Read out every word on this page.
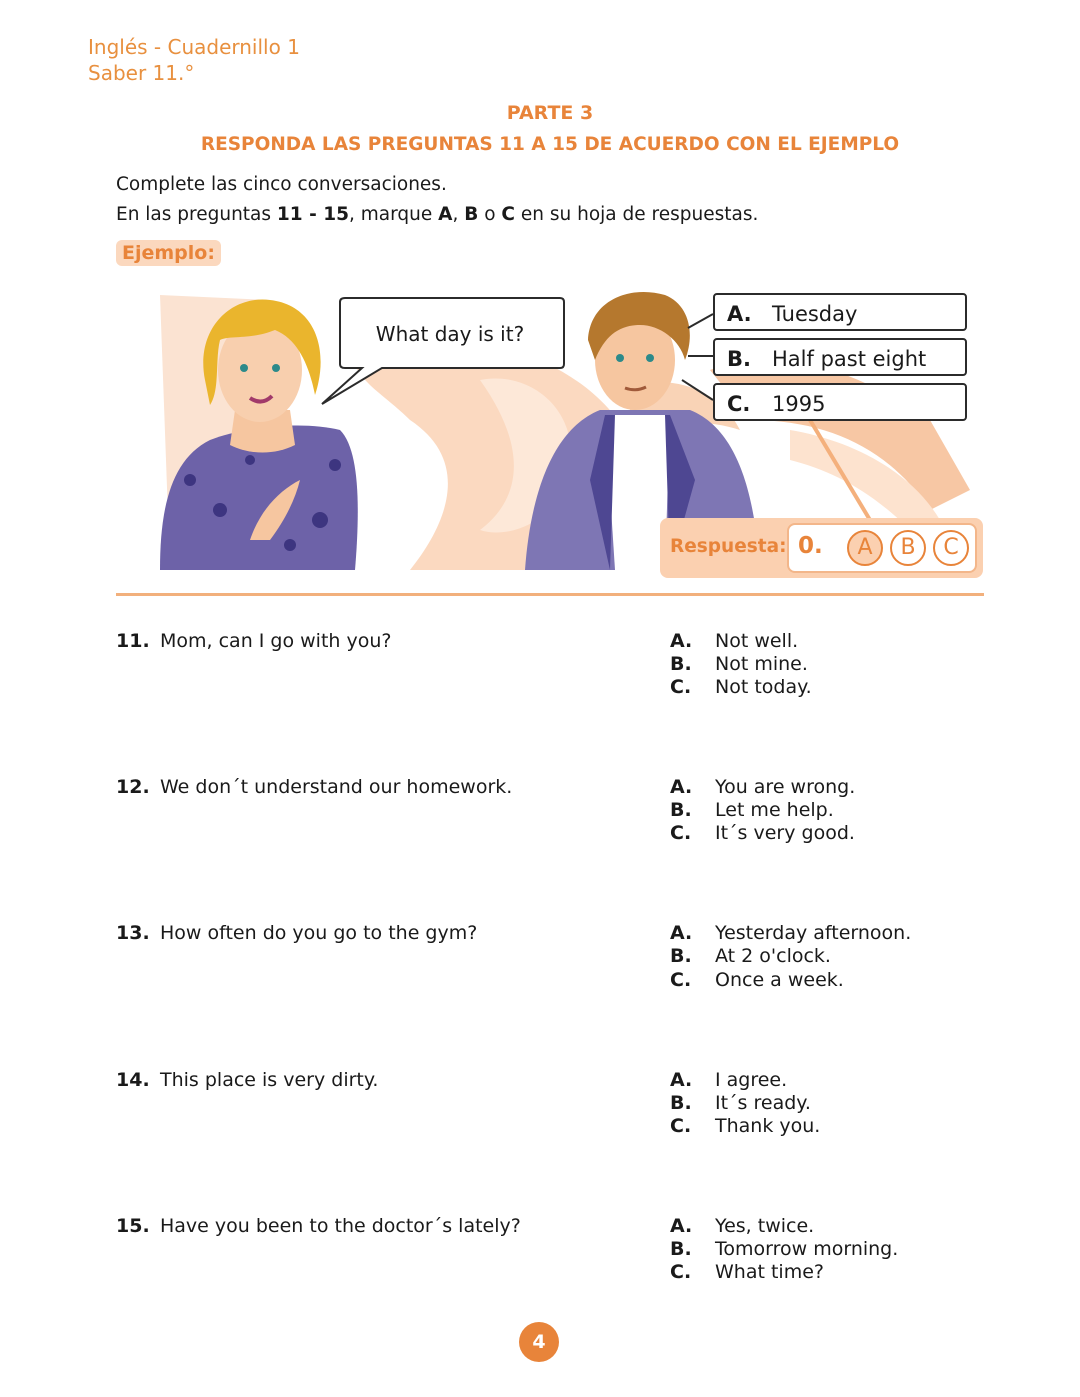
Inglés - Cuadernillo 1
Saber 11.°
PARTE 3
RESPONDA LAS PREGUNTAS 11 A 15 DE ACUERDO CON EL EJEMPLO
Complete las cinco conversaciones.
En las preguntas 11 - 15, marque A, B o C en su hoja de respuestas.
Ejemplo:
What day is it?
A. Tuesday
B. Half past eight
C. 1995
Respuesta: 0.	A	B	C
11. Mom, can I go with you?	A. Not well.
B. Not mine.
C. Not today.
12. We don´t understand our homework.	A. You are wrong.
B. Let me help.
C. It´s very good.
13. How often do you go to the gym?	A. Yesterday afternoon.
B. At 2 o'clock.
C. Once a week.
14. This place is very dirty.	A. I agree.
B. It´s ready.
C. Thank you.
15. Have you been to the doctor´s lately?	A. Yes, twice.
B. Tomorrow morning.
C. What time?
4
